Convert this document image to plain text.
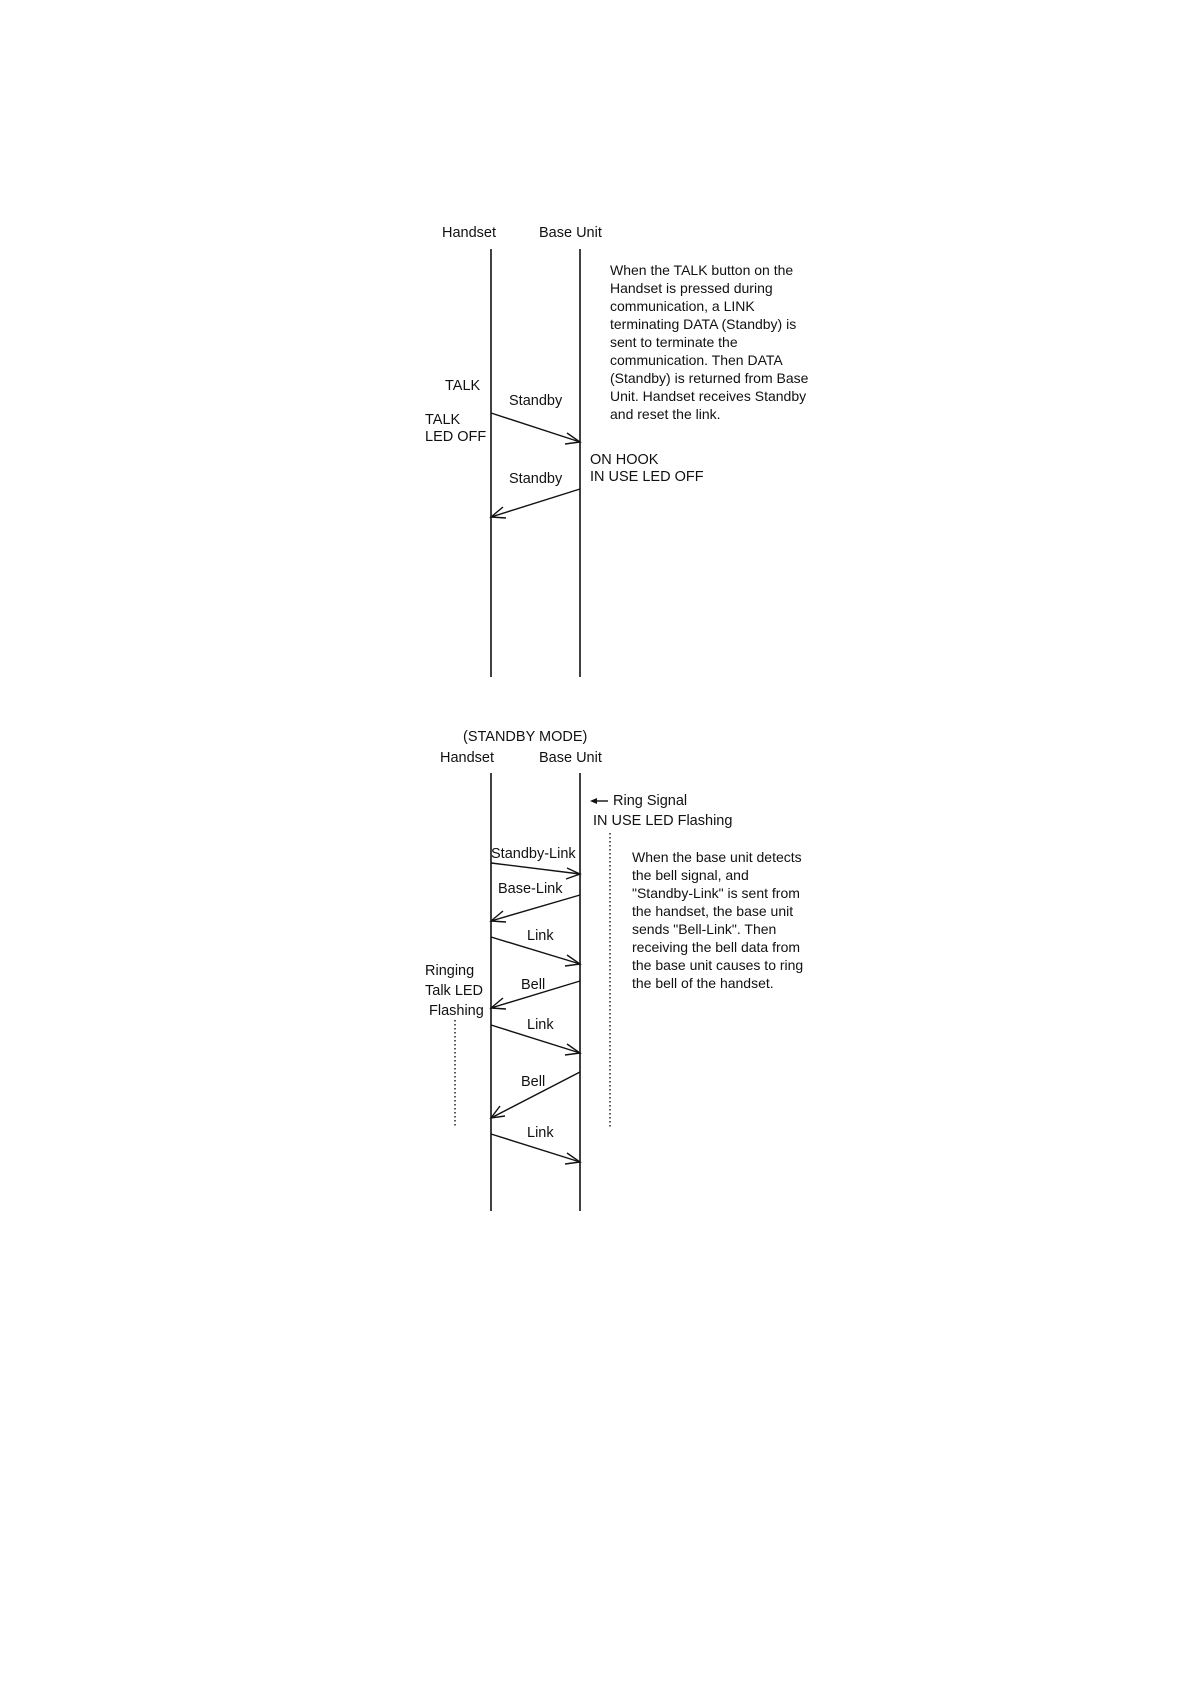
Handset	Base Unit
When the TALK button on the
Handset is pressed during
communication, a LINK
terminating DATA (Standby) is
sent to terminate the
communication. Then DATA
(Standby) is returned from Base
Unit. Handset receives Standby
and reset the link.
TALK
Standby
TALK
LED OFF
ON HOOK
IN USE LED OFF
Standby
(STANDBY MODE)
Handset	Base Unit
Ring Signal
IN USE LED Flashing
When the base unit detects
the bell signal, and
"Standby-Link" is sent from
the handset, the base unit
sends "Bell-Link". Then
receiving the bell data from
the base unit causes to ring
the bell of the handset.
Standby-Link
Base-Link
Link
Bell
Link
Bell
Link
Ringing
Talk LED
Flashing
